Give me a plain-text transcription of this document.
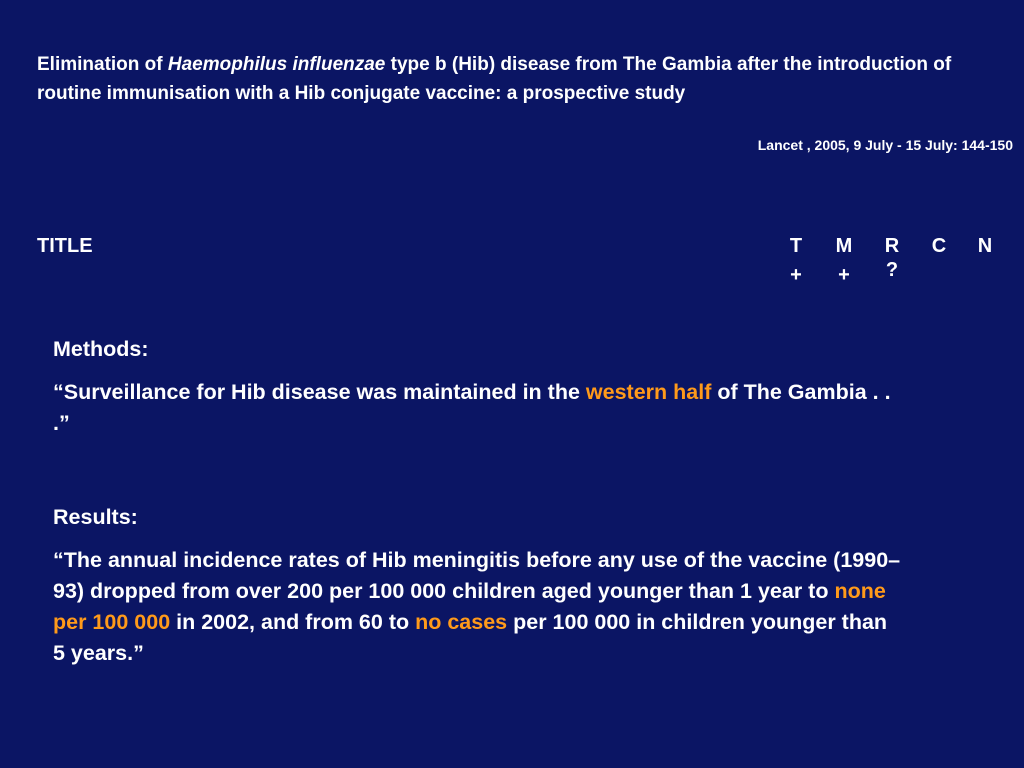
Elimination of Haemophilus influenzae type b (Hib) disease from The Gambia after the introduction of routine immunisation with a Hib conjugate vaccine: a prospective study
Lancet , 2005, 9 July - 15 July: 144-150
TITLE	T
+
M
+
R
?
C N
Methods:

“Surveillance for Hib disease was maintained in the western half of The Gambia . . .”

Results:

“The annual incidence rates of Hib meningitis before any use of the vaccine (1990–93) dropped from over 200 per 100 000 children aged younger than 1 year to none per 100 000 in 2002, and from 60 to no cases per 100 000 in children younger than 5 years.”
